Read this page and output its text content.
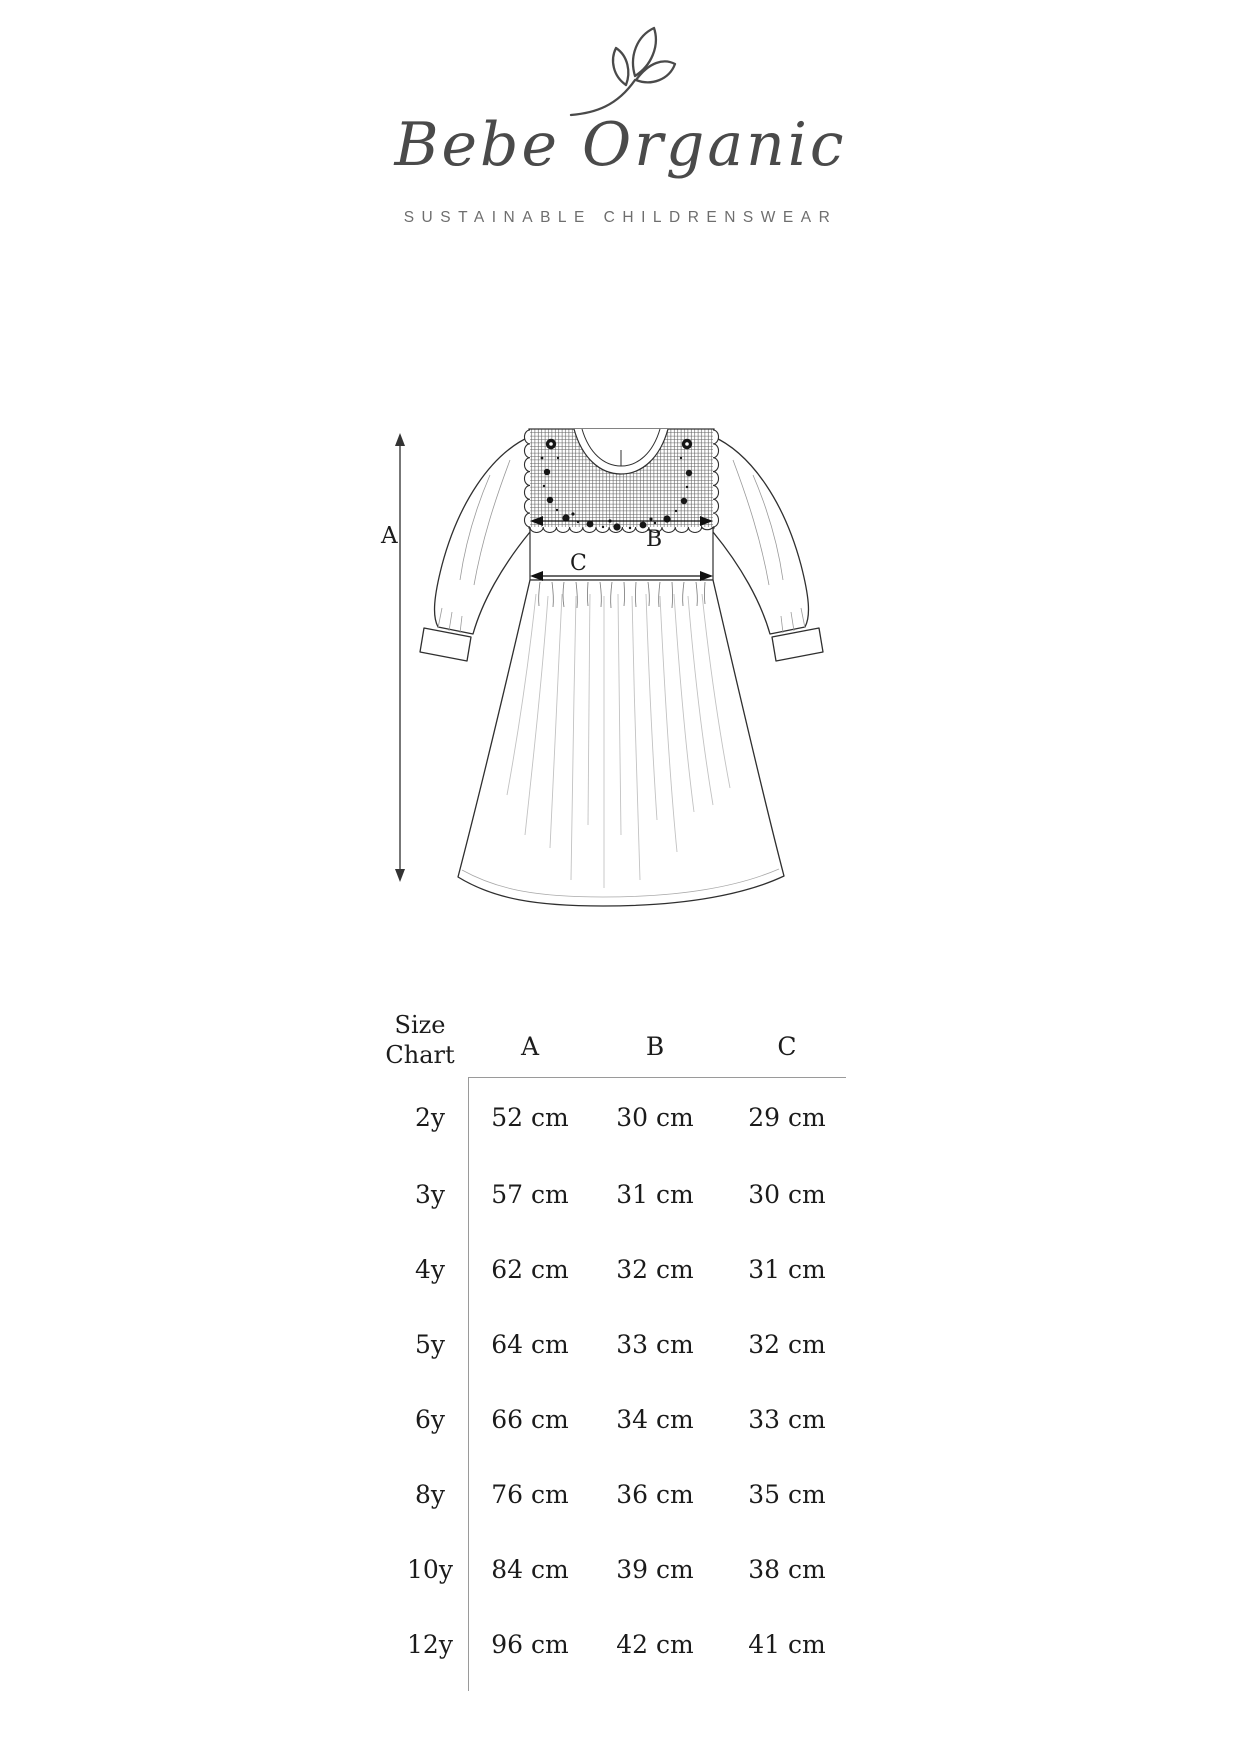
Bebe Organic
SUSTAINABLE CHILDRENSWEAR
A	B
C
Size Chart	A	B	C
2y	52 cm	30 cm	29 cm
3y	57 cm	31 cm	30 cm
4y	62 cm	32 cm	31 cm
5y	64 cm	33 cm	32 cm
6y	66 cm	34 cm	33 cm
8y	76 cm	36 cm	35 cm
10y	84 cm	39 cm	38 cm
12y	96 cm	42 cm	41 cm
